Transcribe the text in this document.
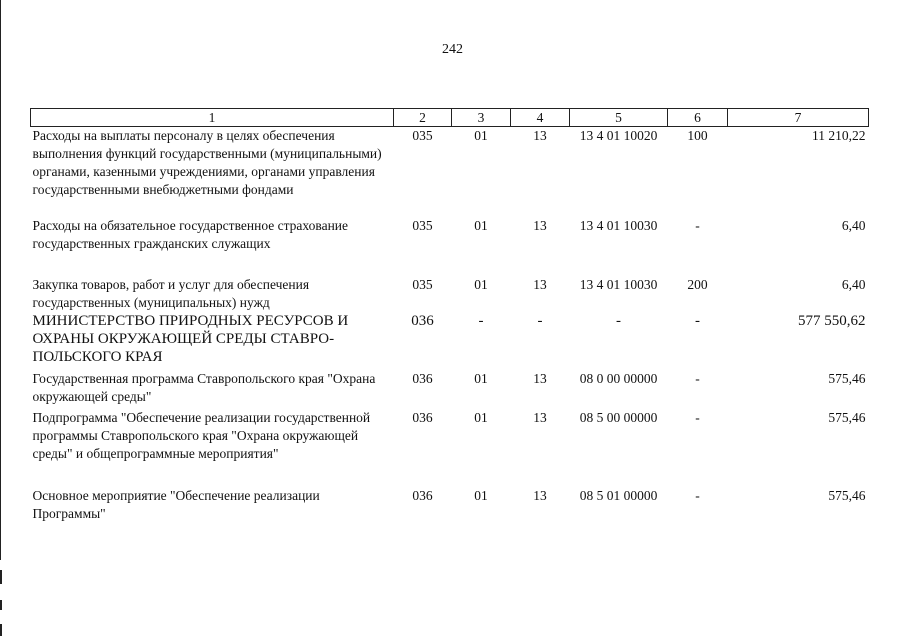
242
1	2	3	4	5	6	7
Расходы на выплаты персоналу в целях обеспечения выполнения функций государственными (муниципальными) органами, казенными учреждениями, органами управления государственными внебюджетными фондами	035	01	13	13 4 01 10020	100	11 210,22
Расходы на обязательное государственное страхование государственных гражданских служащих	035	01	13	13 4 01 10030	-	6,40
Закупка товаров, работ и услуг для обеспечения государственных (муниципальных) нужд	035	01	13	13 4 01 10030	200	6,40
МИНИСТЕРСТВО ПРИРОДНЫХ РЕСУРСОВ И ОХРАНЫ ОКРУЖАЮЩЕЙ СРЕДЫ СТАВРО-ПОЛЬСКОГО КРАЯ	036	-	-	-	-	577 550,62
Государственная программа Ставропольского края "Охрана окружающей среды"	036	01	13	08 0 00 00000	-	575,46
Подпрограмма "Обеспечение реализации государственной программы Ставропольского края "Охрана окружающей среды" и общепрограммные мероприятия"	036	01	13	08 5 00 00000	-	575,46
Основное мероприятие "Обеспечение реализации Программы"	036	01	13	08 5 01 00000	-	575,46
